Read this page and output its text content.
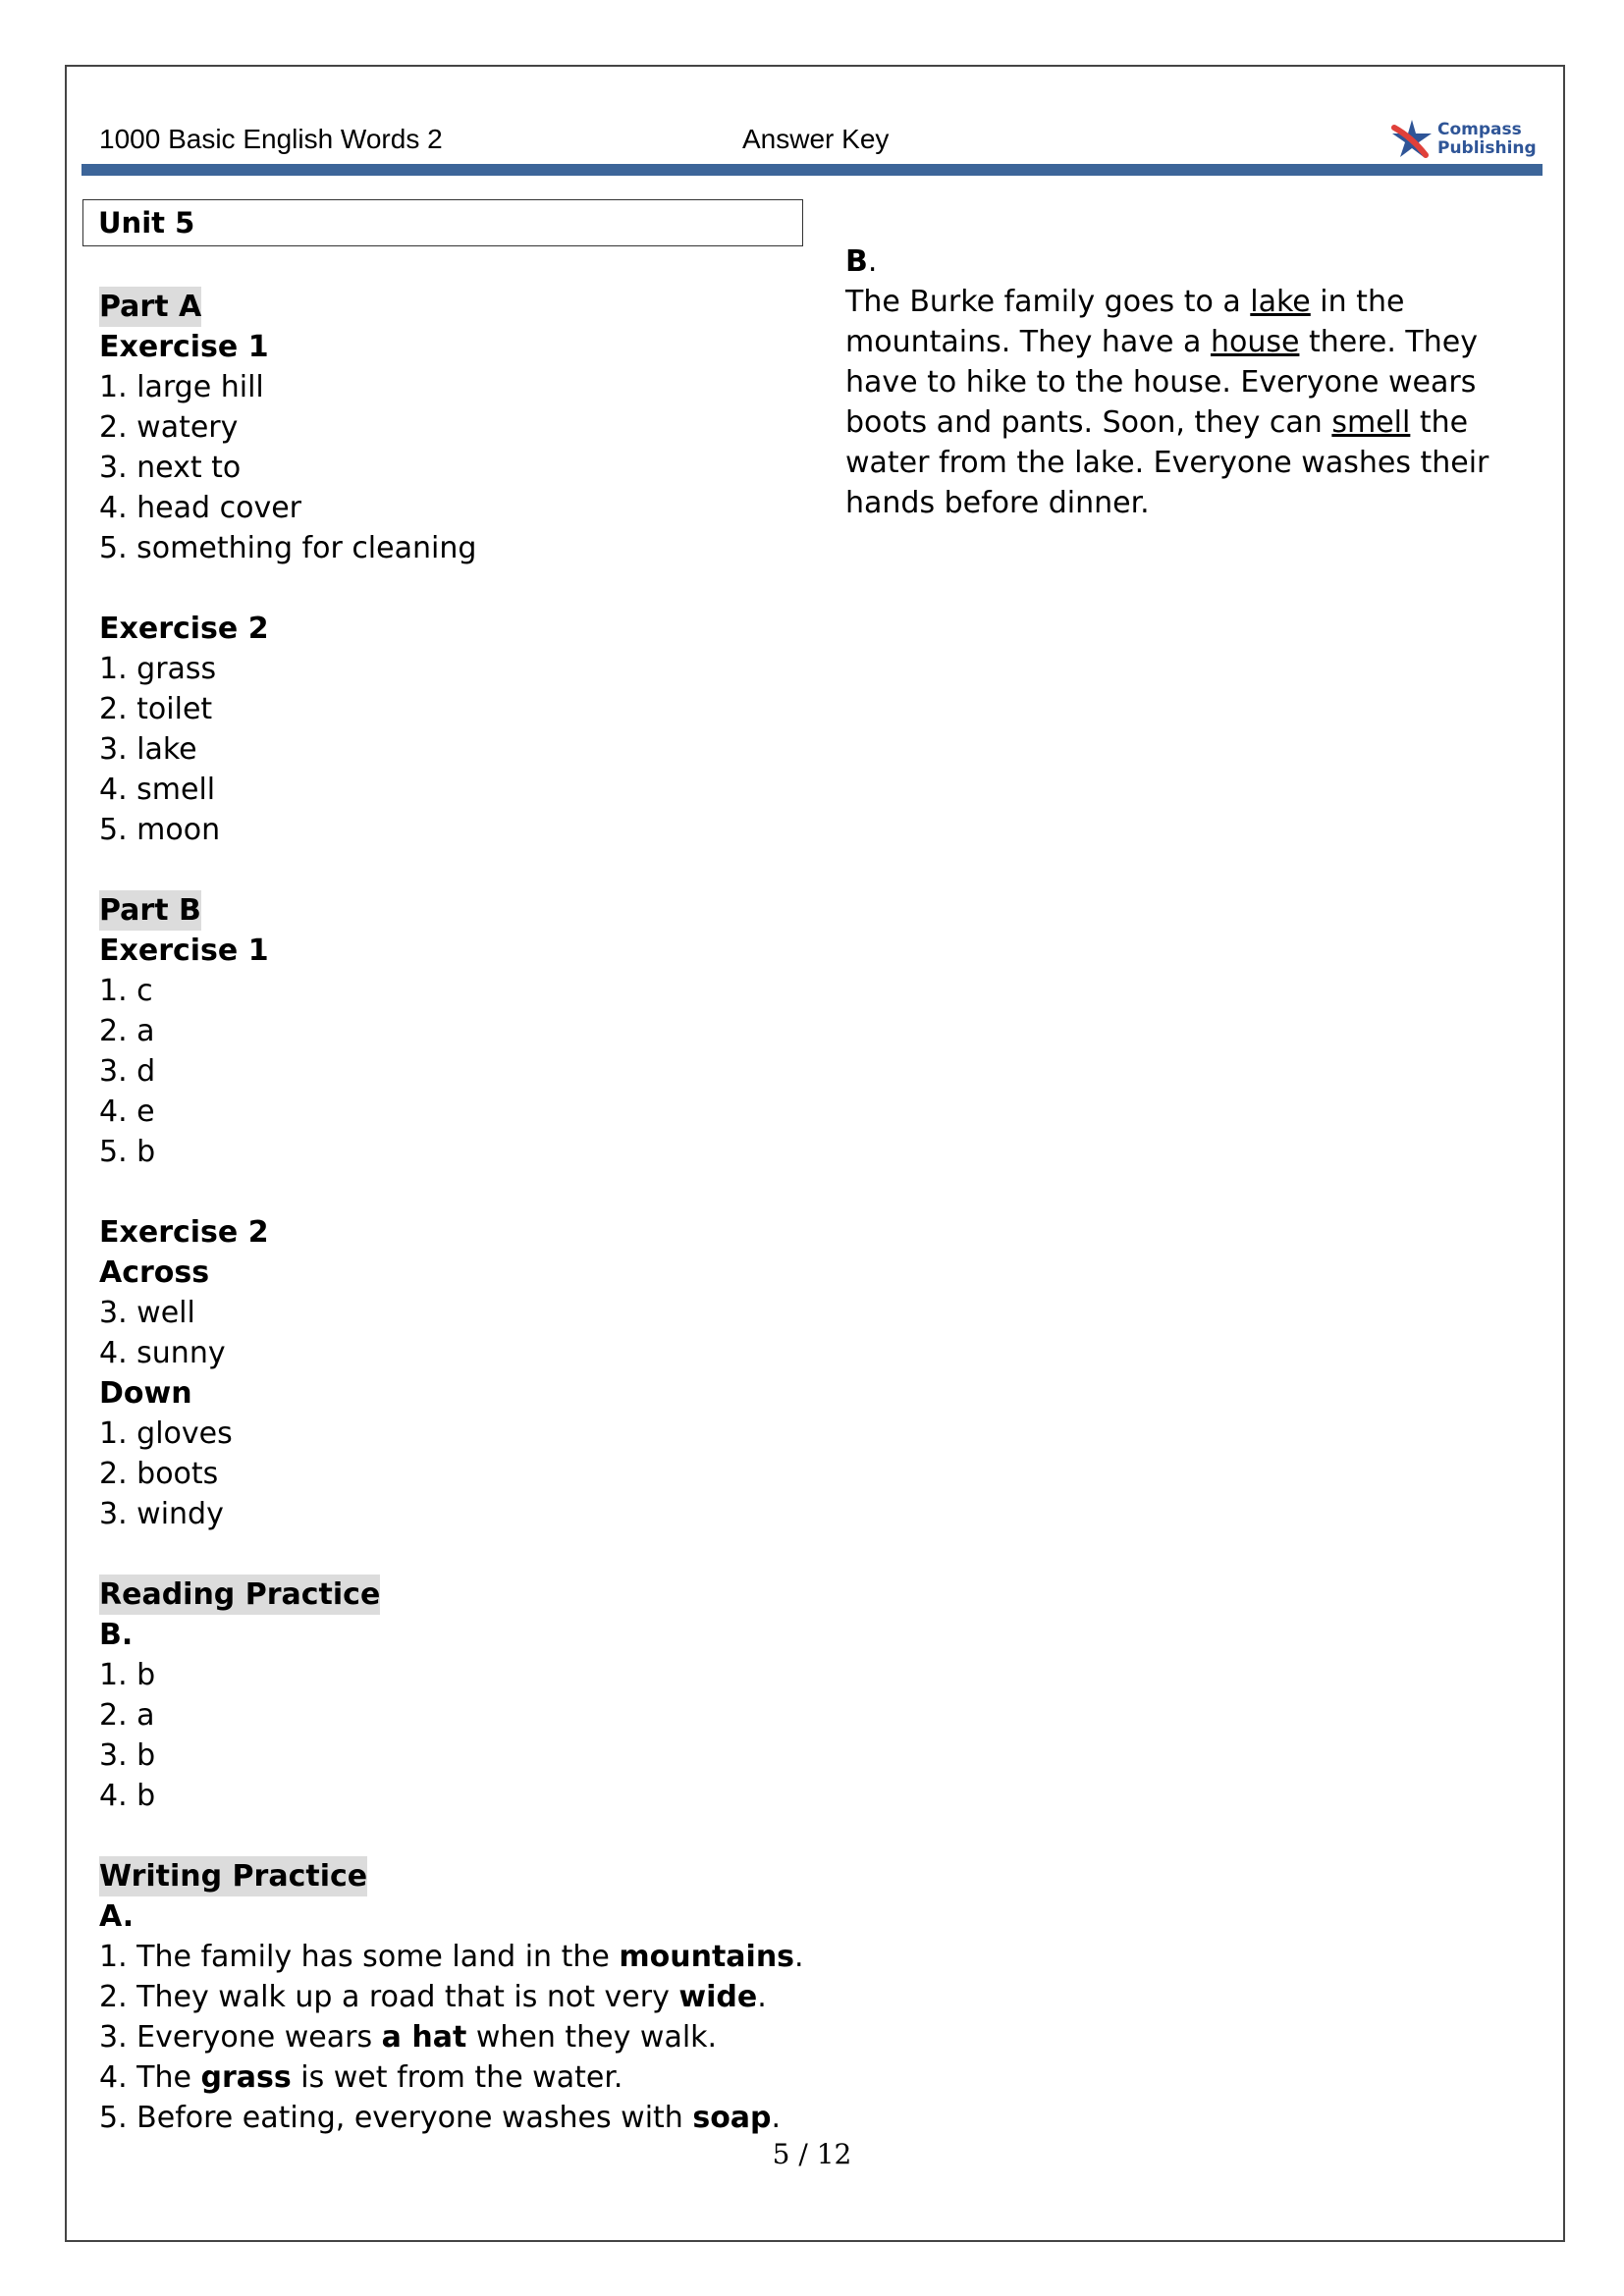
1000 Basic English Words 2	Answer Key	Compass
Publishing
Unit 5
Part A
Exercise 1
1. large hill
2. watery
3. next to
4. head cover
5. something for cleaning
Exercise 2
1. grass
2. toilet
3. lake
4. smell
5. moon
Part B
Exercise 1
1. c
2. a
3. d
4. e
5. b
Exercise 2
Across
3. well
4. sunny
Down
1. gloves
2. boots
3. windy
Reading Practice
B.
1. b
2. a
3. b
4. b
Writing Practice
A.
1. The family has some land in the mountains.
2. They walk up a road that is not very wide.
3. Everyone wears a hat when they walk.
4. The grass is wet from the water.
5. Before eating, everyone washes with soap.
B.
The Burke family goes to a lake in the mountains. They have a house there. They have to hike to the house. Everyone wears boots and pants. Soon, they can smell the water from the lake. Everyone washes their hands before dinner.
5 / 12
